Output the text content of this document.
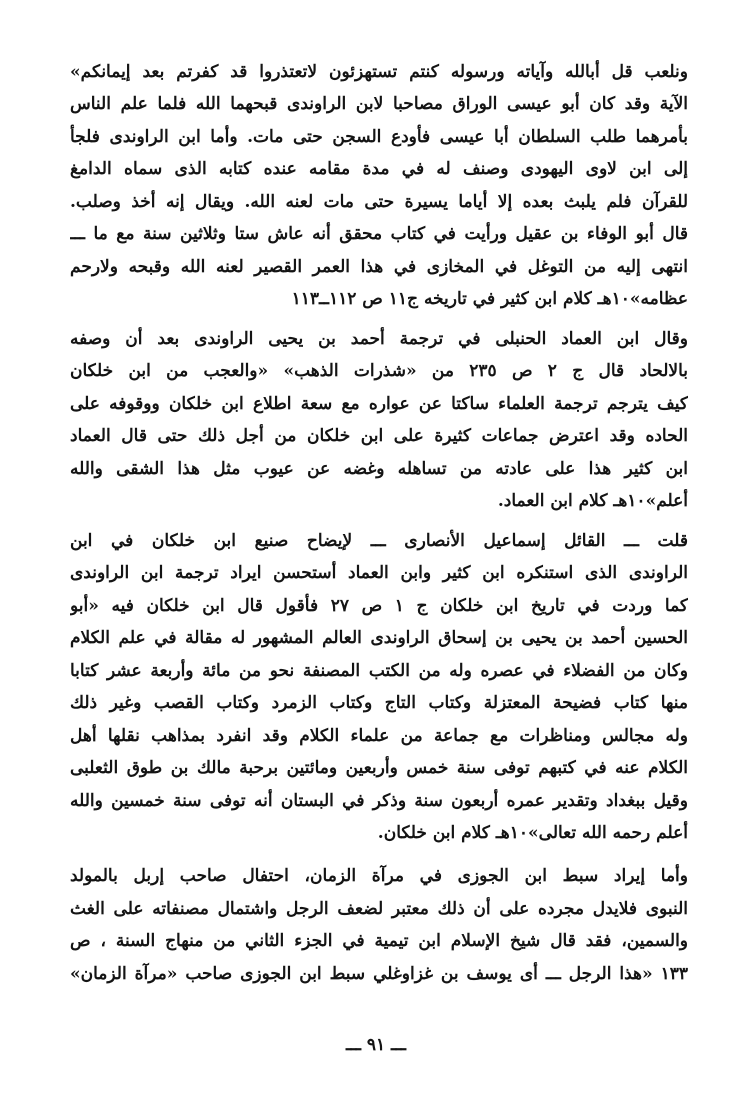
ونلعب قل أبالله وآياته ورسوله كنتم تستهزئون لاتعتذروا قد كفرتم بعد إيمانكم»
الآية وقد كان أبو عيسى الوراق مصاحبا لابن الراوندى قبحهما الله فلما علم الناس
بأمرهما طلب السلطان أبا عيسى فأودع السجن حتى مات. وأما ابن الراوندى فلجأ
إلى ابن لاوى اليهودى وصنف له في مدة مقامه عنده كتابه الذى سماه الدامغ
للقرآن فلم يلبث بعده إلا أياما يسيرة حتى مات لعنه الله. ويقال إنه أخذ وصلب.
قال أبو الوفاء بن عقيل ورأيت في كتاب محقق أنه عاش ستا وثلاثين سنة مع ما ـــ
انتهى إليه من التوغل في المخازى في هذا العمر القصير لعنه الله وقبحه ولارحم
عظامه»١٠هـ كلام ابن كثير في تاريخه ج١١ ص ١١٢ــ١١٣
وقال ابن العماد الحنبلى في ترجمة أحمد بن يحيى الراوندى بعد أن وصفه
بالالحاد قال ج ٢ ص ٢٣٥ من «شذرات الذهب» «والعجب من ابن خلكان
كيف يترجم ترجمة العلماء ساكتا عن عواره مع سعة اطلاع ابن خلكان ووقوفه على
الحاده وقد اعترض جماعات كثيرة على ابن خلكان من أجل ذلك حتى قال العماد
ابن كثير هذا على عادته من تساهله وغضه عن عيوب مثل هذا الشقى والله
أعلم»١٠هـ كلام ابن العماد.
قلت ـــ القائل إسماعيل الأنصارى ـــ لإيضاح صنيع ابن خلكان في ابن
الراوندى الذى استنكره ابن كثير وابن العماد أستحسن ايراد ترجمة ابن الراوندى
كما وردت في تاريخ ابن خلكان ج ١ ص ٢٧ فأقول قال ابن خلكان فيه «أبو
الحسين أحمد بن يحيى بن إسحاق الراوندى العالم المشهور له مقالة في علم الكلام
وكان من الفضلاء في عصره وله من الكتب المصنفة نحو من مائة وأربعة عشر كتابا
منها كتاب فضيحة المعتزلة وكتاب التاج وكتاب الزمرد وكتاب القصب وغير ذلك
وله مجالس ومناظرات مع جماعة من علماء الكلام وقد انفرد بمذاهب نقلها أهل
الكلام عنه في كتبهم توفى سنة خمس وأربعين ومائتين برحبة مالك بن طوق الثعلبى
وقيل ببغداد وتقدير عمره أربعون سنة وذكر في البستان أنه توفى سنة خمسين والله
أعلم رحمه الله تعالى»١٠هـ كلام ابن خلكان.
وأما إيراد سبط ابن الجوزى في مرآة الزمان، احتفال صاحب إربل بالمولد
النبوى فلايدل مجرده على أن ذلك معتبر لضعف الرجل واشتمال مصنفاته على الغث
والسمين، فقد قال شيخ الإسلام ابن تيمية في الجزء الثاني من منهاج السنة ، ص
١٣٣ «هذا الرجل ـــ أى يوسف بن غزاوغلي سبط ابن الجوزى صاحب «مرآة الزمان»
ـــ ٩١ ـــ
